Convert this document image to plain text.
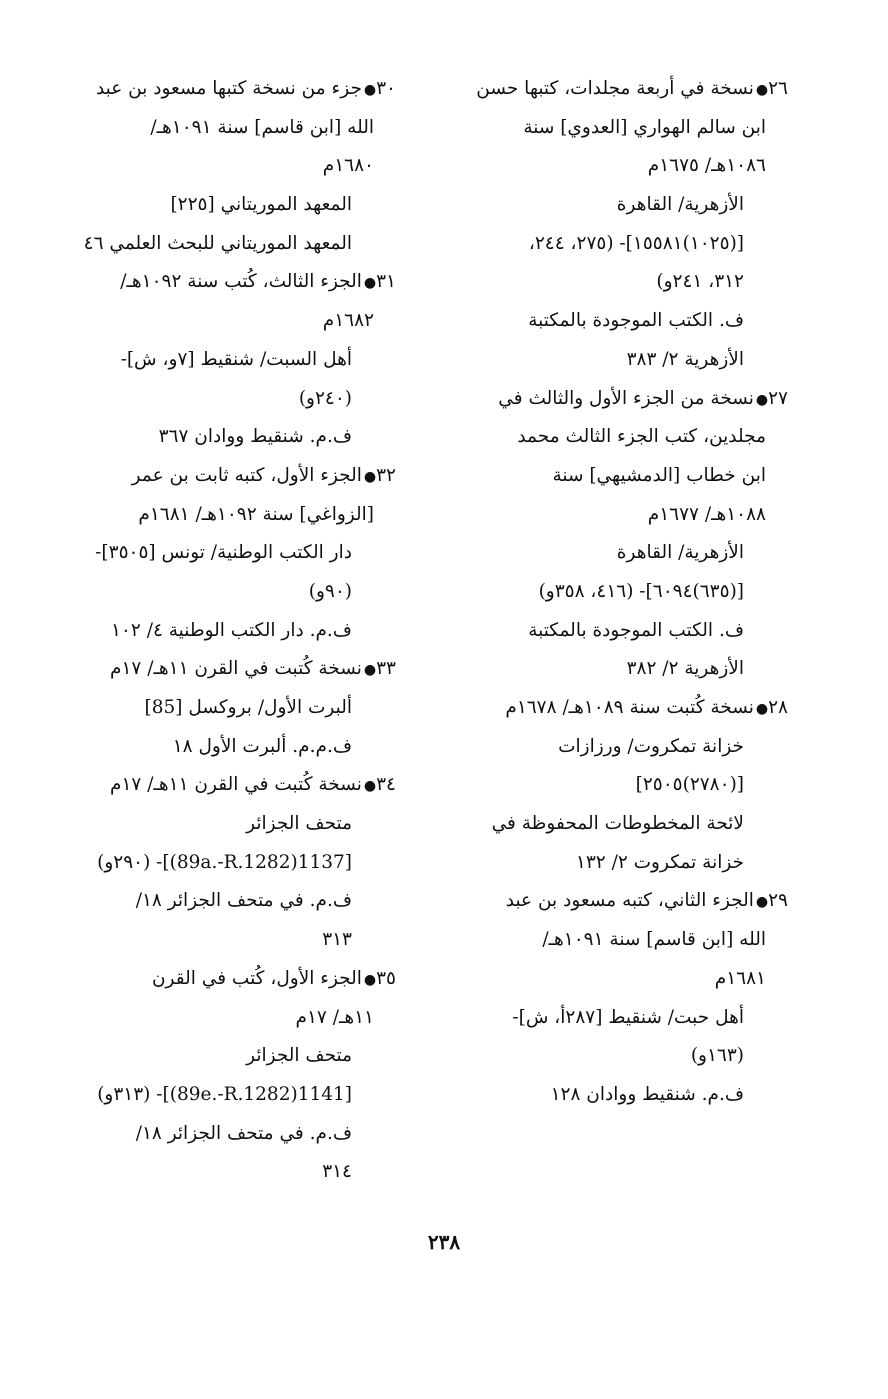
٢٦●نسخة في أربعة مجلدات، كتبها حسن
ابن سالم الهواري [العدوي] سنة
١٠٨٦هـ/ ١٦٧٥م
الأزهرية/ القاهرة
[(١٠٢٥)١٥٥٨١]- (٢٧٥، ٢٤٤،
٣١٢، ٢٤١و)
ف. الكتب الموجودة بالمكتبة
الأزهرية ٢/ ٣٨٣
٢٧●نسخة من الجزء الأول والثالث في
مجلدين، كتب الجزء الثالث محمد
ابن خطاب [الدمشيهي] سنة
١٠٨٨هـ/ ١٦٧٧م
الأزهرية/ القاهرة
[(٦٣٥)٦٠٩٤]- (٤١٦، ٣٥٨و)
ف. الكتب الموجودة بالمكتبة
الأزهرية ٢/ ٣٨٢
٢٨●نسخة كُتبت سنة ١٠٨٩هـ/ ١٦٧٨م
خزانة تمكروت/ ورزازات
[(٢٧٨٠)٢٥٠٥]
لائحة المخطوطات المحفوظة في
خزانة تمكروت ٢/ ١٣٢
٢٩●الجزء الثاني، كتبه مسعود بن عبد
الله [ابن قاسم] سنة ١٠٩١هـ/
١٦٨١م
أهل حبت/ شنقيط [٢٨٧أ، ش]-
(١٦٣و)
ف.م. شنقيط ووادان ١٢٨
٣٠●جزء من نسخة كتبها مسعود بن عبد
الله [ابن قاسم] سنة ١٠٩١هـ/
١٦٨٠م
المعهد الموريتاني [٢٢٥]
المعهد الموريتاني للبحث العلمي ٤٦
٣١●الجزء الثالث، كُتب سنة ١٠٩٢هـ/
١٦٨٢م
أهل السبت/ شنقيط [٧و، ش]-
(٢٤٠و)
ف.م. شنقيط ووادان ٣٦٧
٣٢●الجزء الأول، كتبه ثابت بن عمر
[الزواغي] سنة ١٠٩٢هـ/ ١٦٨١م
دار الكتب الوطنية/ تونس [٣٥٠٥]-
(٩٠و)
ف.م. دار الكتب الوطنية ٤/ ١٠٢
٣٣●نسخة كُتبت في القرن ١١هـ/ ١٧م
ألبرت الأول/ بروكسل [85]
ف.م.م. ألبرت الأول ١٨
٣٤●نسخة كُتبت في القرن ١١هـ/ ١٧م
متحف الجزائر
[1137(89a.-R.1282)]- (٢٩٠و)
ف.م. في متحف الجزائر ١٨/
٣١٣
٣٥●الجزء الأول، كُتب في القرن
١١هـ/ ١٧م
متحف الجزائر
[1141(89e.-R.1282)]- (٣١٣و)
ف.م. في متحف الجزائر ١٨/
٣١٤
٢٣٨
